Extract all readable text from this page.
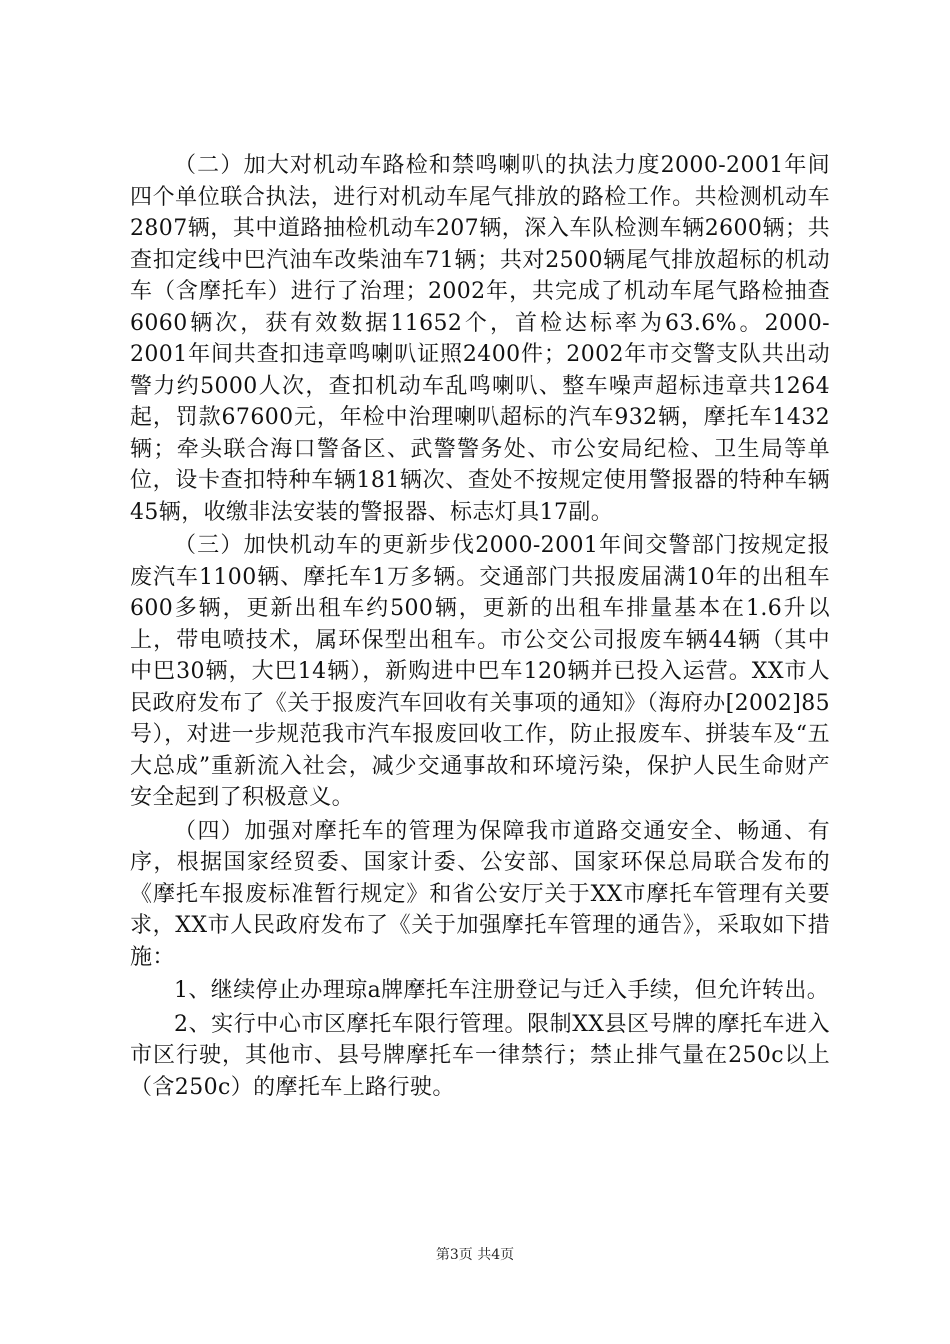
（二）加大对机动车路检和禁鸣喇叭的执法力度2000-2001年间四个单位联合执法，进行对机动车尾气排放的路检工作。共检测机动车2807辆，其中道路抽检机动车207辆，深入车队检测车辆2600辆；共查扣定线中巴汽油车改柴油车71辆；共对2500辆尾气排放超标的机动车（含摩托车）进行了治理；2002年，共完成了机动车尾气路检抽查6060辆次，获有效数据11652个，首检达标率为63.6%。2000-2001年间共查扣违章鸣喇叭证照2400件；2002年市交警支队共出动警力约5000人次，查扣机动车乱鸣喇叭、整车噪声超标违章共1264起，罚款67600元，年检中治理喇叭超标的汽车932辆，摩托车1432辆；牵头联合海口警备区、武警警务处、市公安局纪检、卫生局等单位，设卡查扣特种车辆181辆次、查处不按规定使用警报器的特种车辆45辆，收缴非法安装的警报器、标志灯具17副。

（三）加快机动车的更新步伐2000-2001年间交警部门按规定报废汽车1100辆、摩托车1万多辆。交通部门共报废届满10年的出租车600多辆，更新出租车约500辆，更新的出租车排量基本在1.6升以上，带电喷技术，属环保型出租车。市公交公司报废车辆44辆（其中中巴30辆，大巴14辆），新购进中巴车120辆并已投入运营。XX市人民政府发布了《关于报废汽车回收有关事项的通知》（海府办[2002]85号），对进一步规范我市汽车报废回收工作，防止报废车、拼装车及“五大总成”重新流入社会，减少交通事故和环境污染，保护人民生命财产安全起到了积极意义。

（四）加强对摩托车的管理为保障我市道路交通安全、畅通、有序，根据国家经贸委、国家计委、公安部、国家环保总局联合发布的《摩托车报废标准暂行规定》和省公安厅关于XX市摩托车管理有关要求，XX市人民政府发布了《关于加强摩托车管理的通告》，采取如下措施：

1、继续停止办理琼a牌摩托车注册登记与迁入手续，但允许转出。

2、实行中心市区摩托车限行管理。限制XX县区号牌的摩托车进入市区行驶，其他市、县号牌摩托车一律禁行；禁止排气量在250c以上（含250c）的摩托车上路行驶。

第3页 共4页
